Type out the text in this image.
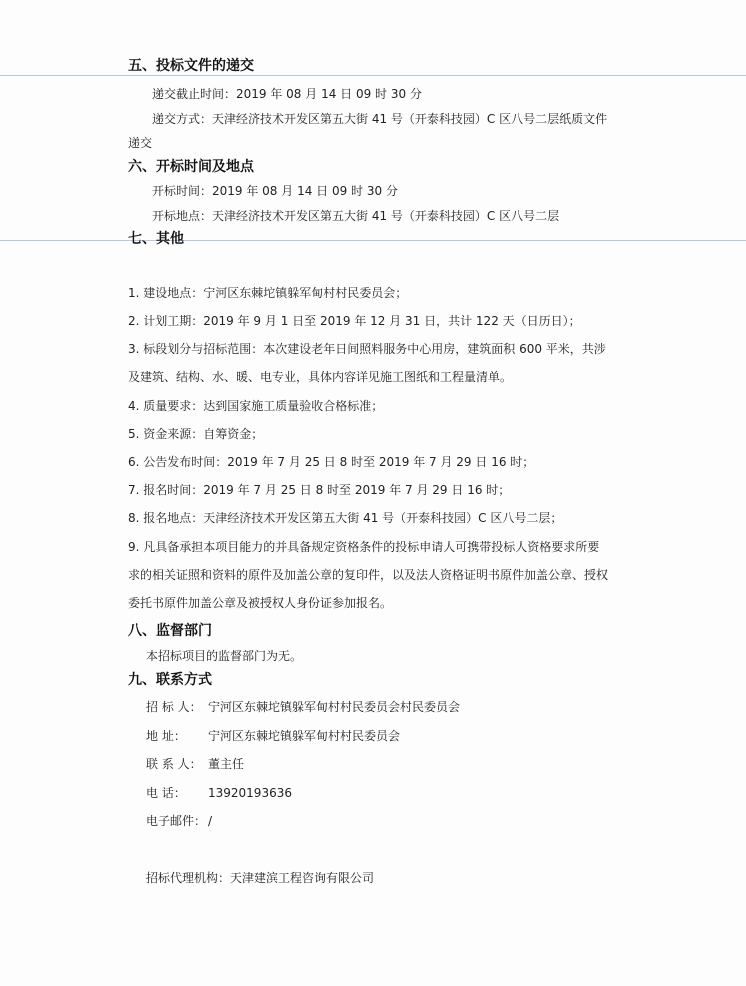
五、投标文件的递交
递交截止时间：2019 年 08 月 14 日 09 时 30 分
递交方式：天津经济技术开发区第五大街 41 号（开泰科技园）C 区八号二层纸质文件
递交
六、开标时间及地点
开标时间：2019 年 08 月 14 日 09 时 30 分
开标地点：天津经济技术开发区第五大街 41 号（开泰科技园）C 区八号二层
七、其他
1. 建设地点：宁河区东棘坨镇躲军甸村村民委员会；
2. 计划工期：2019 年 9 月 1 日至 2019 年 12 月 31 日，共计 122 天（日历日）；
3. 标段划分与招标范围：本次建设老年日间照料服务中心用房，建筑面积 600 平米，共涉
及建筑、结构、水、暖、电专业，具体内容详见施工图纸和工程量清单。
4. 质量要求：达到国家施工质量验收合格标准；
5. 资金来源：自筹资金；
6. 公告发布时间：2019 年 7 月 25 日 8 时至 2019 年 7 月 29 日 16 时；
7. 报名时间：2019 年 7 月 25 日 8 时至 2019 年 7 月 29 日 16 时；
8. 报名地点：天津经济技术开发区第五大街 41 号（开泰科技园）C 区八号二层；
9. 凡具备承担本项目能力的并具备规定资格条件的投标申请人可携带投标人资格要求所要
求的相关证照和资料的原件及加盖公章的复印件，以及法人资格证明书原件加盖公章、授权
委托书原件加盖公章及被授权人身份证参加报名。
八、监督部门
本招标项目的监督部门为无。
九、联系方式
招 标 人： 宁河区东棘坨镇躲军甸村村民委员会村民委员会
地 址： 宁河区东棘坨镇躲军甸村村民委员会
联 系 人： 董主任
电 话： 13920193636
电子邮件： /
招标代理机构：天津建滨工程咨询有限公司
